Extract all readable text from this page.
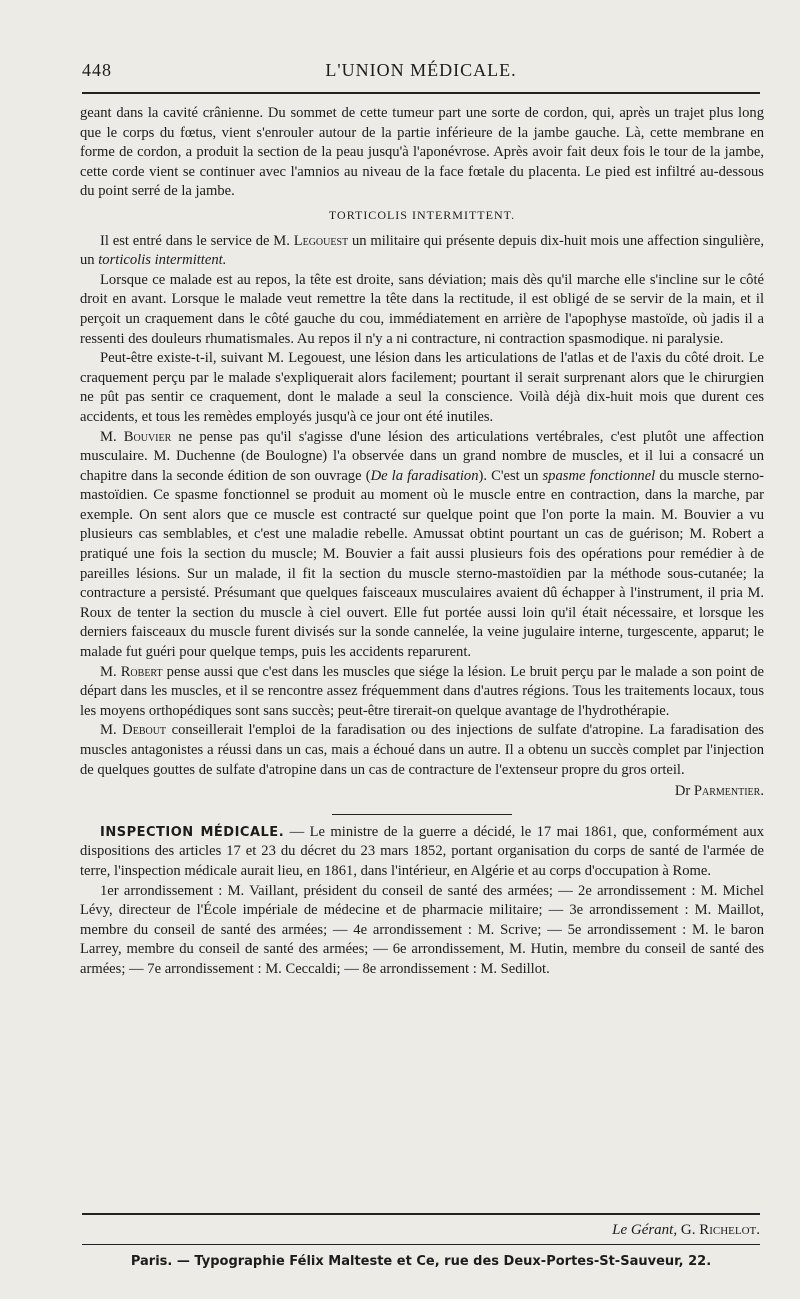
448	L'UNION MÉDICALE.

geant dans la cavité crânienne. Du sommet de cette tumeur part une sorte de cordon, qui, après un trajet plus long que le corps du fœtus, vient s'enrouler autour de la partie inférieure de la jambe gauche. Là, cette membrane en forme de cordon, a produit la section de la peau jusqu'à l'aponévrose. Après avoir fait deux fois le tour de la jambe, cette corde vient se continuer avec l'amnios au niveau de la face fœtale du placenta. Le pied est infiltré au-dessous du point serré de la jambe.

TORTICOLIS INTERMITTENT.

Il est entré dans le service de M. Legouest un militaire qui présente depuis dix-huit mois une affection singulière, un torticolis intermittent.

Lorsque ce malade est au repos, la tête est droite, sans déviation; mais dès qu'il marche elle s'incline sur le côté droit en avant. Lorsque le malade veut remettre la tête dans la rectitude, il est obligé de se servir de la main, et il perçoit un craquement dans le côté gauche du cou, immédiatement en arrière de l'apophyse mastoïde, où jadis il a ressenti des douleurs rhumatismales. Au repos il n'y a ni contracture, ni contraction spasmodique. ni paralysie.

Peut-être existe-t-il, suivant M. Legouest, une lésion dans les articulations de l'atlas et de l'axis du côté droit. Le craquement perçu par le malade s'expliquerait alors facilement; pourtant il serait surprenant alors que le chirurgien ne pût pas sentir ce craquement, dont le malade a seul la conscience. Voilà déjà dix-huit mois que durent ces accidents, et tous les remèdes employés jusqu'à ce jour ont été inutiles.

M. Bouvier ne pense pas qu'il s'agisse d'une lésion des articulations vertébrales, c'est plutôt une affection musculaire. M. Duchenne (de Boulogne) l'a observée dans un grand nombre de muscles, et il lui a consacré un chapitre dans la seconde édition de son ouvrage (De la faradisation). C'est un spasme fonctionnel du muscle sterno-mastoïdien. Ce spasme fonctionnel se produit au moment où le muscle entre en contraction, dans la marche, par exemple. On sent alors que ce muscle est contracté sur quelque point que l'on porte la main. M. Bouvier a vu plusieurs cas semblables, et c'est une maladie rebelle. Amussat obtint pourtant un cas de guérison; M. Robert a pratiqué une fois la section du muscle; M. Bouvier a fait aussi plusieurs fois des opérations pour remédier à de pareilles lésions. Sur un malade, il fit la section du muscle sterno-mastoïdien par la méthode sous-cutanée; la contracture a persisté. Présumant que quelques faisceaux musculaires avaient dû échapper à l'instrument, il pria M. Roux de tenter la section du muscle à ciel ouvert. Elle fut portée aussi loin qu'il était nécessaire, et lorsque les derniers faisceaux du muscle furent divisés sur la sonde cannelée, la veine jugulaire interne, turgescente, apparut; le malade fut guéri pour quelque temps, puis les accidents reparurent.

M. Robert pense aussi que c'est dans les muscles que siége la lésion. Le bruit perçu par le malade a son point de départ dans les muscles, et il se rencontre assez fréquemment dans d'autres régions. Tous les traitements locaux, tous les moyens orthopédiques sont sans succès; peut-être tirerait-on quelque avantage de l'hydrothérapie.

M. Debout conseillerait l'emploi de la faradisation ou des injections de sulfate d'atropine. La faradisation des muscles antagonistes a réussi dans un cas, mais a échoué dans un autre. Il a obtenu un succès complet par l'injection de quelques gouttes de sulfate d'atropine dans un cas de contracture de l'extenseur propre du gros orteil.

Dr Parmentier.

INSPECTION MÉDICALE. — Le ministre de la guerre a décidé, le 17 mai 1861, que, conformément aux dispositions des articles 17 et 23 du décret du 23 mars 1852, portant organisation du corps de santé de l'armée de terre, l'inspection médicale aurait lieu, en 1861, dans l'intérieur, en Algérie et au corps d'occupation à Rome.

1er arrondissement : M. Vaillant, président du conseil de santé des armées; — 2e arrondissement : M. Michel Lévy, directeur de l'École impériale de médecine et de pharmacie militaire; — 3e arrondissement : M. Maillot, membre du conseil de santé des armées; — 4e arrondissement : M. Scrive; — 5e arrondissement : M. le baron Larrey, membre du conseil de santé des armées; — 6e arrondissement, M. Hutin, membre du conseil de santé des armées; — 7e arrondissement : M. Ceccaldi; — 8e arrondissement : M. Sedillot.

Le Gérant, G. Richelot.
Paris. — Typographie Félix Malteste et Ce, rue des Deux-Portes-St-Sauveur, 22.
